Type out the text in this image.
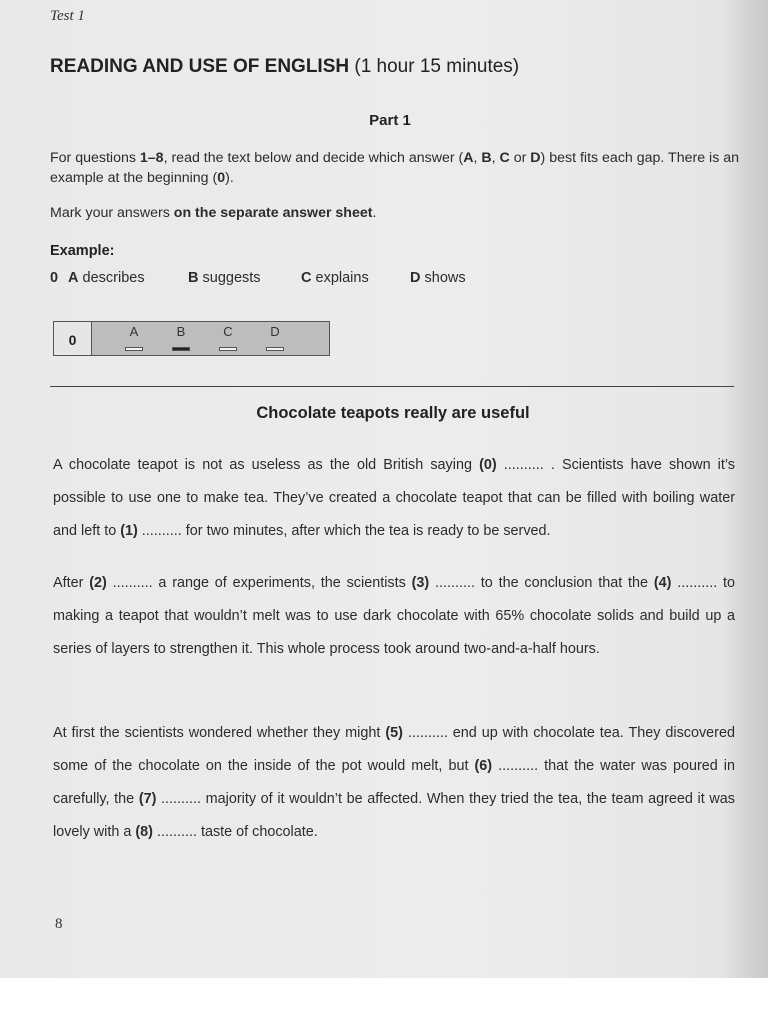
Test 1
READING AND USE OF ENGLISH (1 hour 15 minutes)
Part 1
For questions 1–8, read the text below and decide which answer (A, B, C or D) best fits each gap. There is an example at the beginning (0).
Mark your answers on the separate answer sheet.
Example:
0 A describes	B suggests	C explains	D shows
0
A	B	C	D
Chocolate teapots really are useful
A chocolate teapot is not as useless as the old British saying (0) .......... . Scientists have shown it’s possible to use one to make tea. They’ve created a chocolate teapot that can be filled with boiling water and left to (1) .......... for two minutes, after which the tea is ready to be served.
After (2) .......... a range of experiments, the scientists (3) .......... to the conclusion that the (4) .......... to making a teapot that wouldn’t melt was to use dark chocolate with 65% chocolate solids and build up a series of layers to strengthen it. This whole process took around two-and-a-half hours.
At first the scientists wondered whether they might (5) .......... end up with chocolate tea. They discovered some of the chocolate on the inside of the pot would melt, but (6) .......... that the water was poured in carefully, the (7) .......... majority of it wouldn’t be affected. When they tried the tea, the team agreed it was lovely with a (8) .......... taste of chocolate.
8
